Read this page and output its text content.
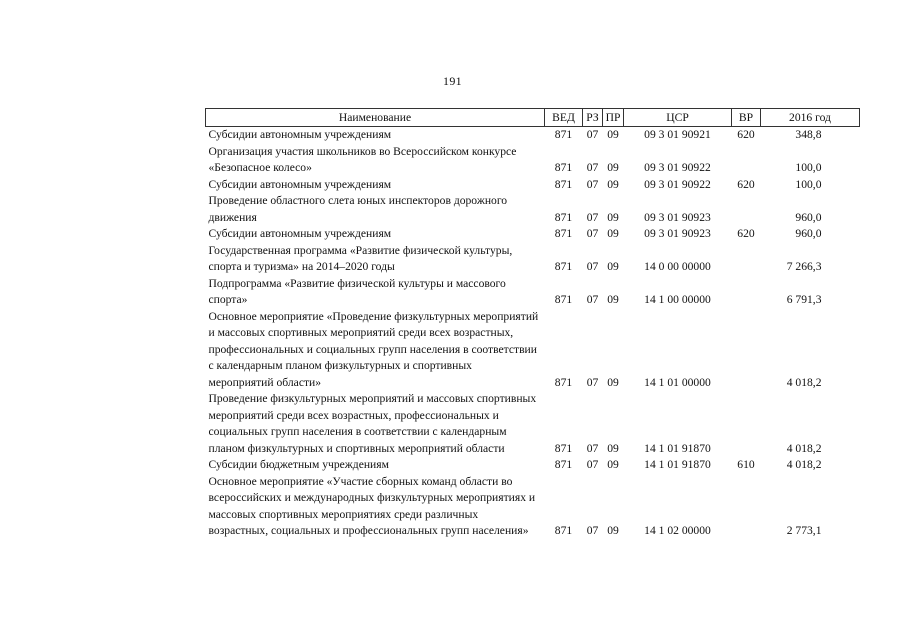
191
Наименование	ВЕД	РЗ	ПР	ЦСР	ВР	2016 год
Субсидии автономным учреждениям	871	07	09	09 3 01 90921	620	348,8
Организация участия школьников во Всероссийском конкурсе «Безопасное колесо»	871	07	09	09 3 01 90922		100,0
Субсидии автономным учреждениям	871	07	09	09 3 01 90922	620	100,0
Проведение областного слета юных инспекторов дорожного движения	871	07	09	09 3 01 90923		960,0
Субсидии автономным учреждениям	871	07	09	09 3 01 90923	620	960,0
Государственная программа «Развитие физической культуры, спорта и туризма» на 2014–2020 годы	871	07	09	14 0 00 00000		7 266,3
Подпрограмма «Развитие физической культуры и массового спорта»	871	07	09	14 1 00 00000		6 791,3
Основное мероприятие «Проведение физкультурных мероприятий и массовых спортивных мероприятий среди всех возрастных, профессиональных и социальных групп населения в соответствии с календарным планом физкультурных и спортивных мероприятий области»	871	07	09	14 1 01 00000		4 018,2
Проведение физкультурных мероприятий и массовых спортивных мероприятий среди всех возрастных, профессиональных и социальных групп населения в соответствии с календарным планом физкультурных и спортивных мероприятий области	871	07	09	14 1 01 91870		4 018,2
Субсидии бюджетным учреждениям	871	07	09	14 1 01 91870	610	4 018,2
Основное мероприятие «Участие сборных команд области во всероссийских и международных физкультурных мероприятиях и массовых спортивных мероприятиях среди различных возрастных, социальных и профессиональных групп населения»	871	07	09	14 1 02 00000		2 773,1
